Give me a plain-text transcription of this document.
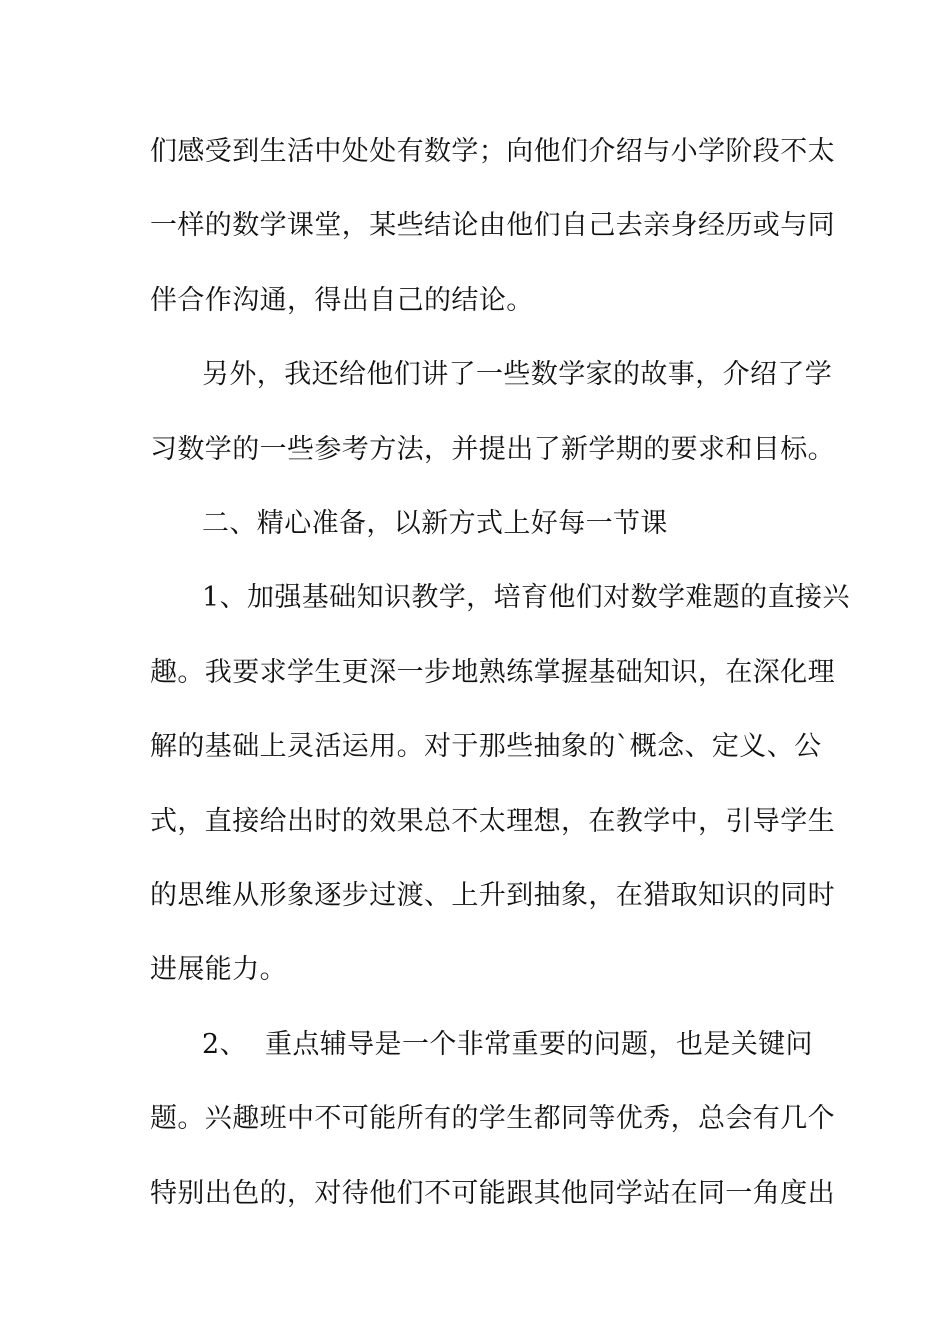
们感受到生活中处处有数学；向他们介绍与小学阶段不太
一样的数学课堂，某些结论由他们自己去亲身经历或与同
伴合作沟通，得出自己的结论。
另外，我还给他们讲了一些数学家的故事，介绍了学
习数学的一些参考方法，并提出了新学期的要求和目标。
二、精心准备，以新方式上好每一节课
1、加强基础知识教学，培育他们对数学难题的直接兴
趣。我要求学生更深一步地熟练掌握基础知识，在深化理
解的基础上灵活运用。对于那些抽象的`概念、定义、公
式，直接给出时的效果总不太理想，在教学中，引导学生
的思维从形象逐步过渡、上升到抽象，在猎取知识的同时
进展能力。
2、  重点辅导是一个非常重要的问题，也是关键问
题。兴趣班中不可能所有的学生都同等优秀，总会有几个
特别出色的，对待他们不可能跟其他同学站在同一角度出
